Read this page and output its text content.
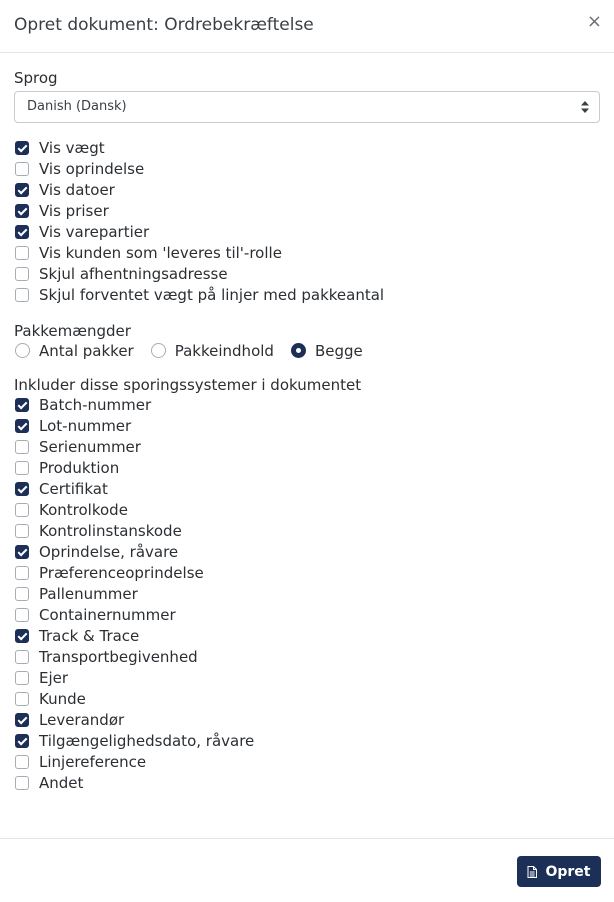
Opret dokument: Ordrebekræftelse	×
Sprog
Danish (Dansk)
Vis vægt
Vis oprindelse
Vis datoer
Vis priser
Vis varepartier
Vis kunden som 'leveres til'-rolle
Skjul afhentningsadresse
Skjul forventet vægt på linjer med pakkeantal
Pakkemængder
Antal pakker	Pakkeindhold	Begge
Inkluder disse sporingssystemer i dokumentet
Batch-nummer
Lot-nummer
Serienummer
Produktion
Certifikat
Kontrolkode
Kontrolinstanskode
Oprindelse, råvare
Præferenceoprindelse
Pallenummer
Containernummer
Track & Trace
Transportbegivenhed
Ejer
Kunde
Leverandør
Tilgængelighedsdato, råvare
Linjereference
Andet
Opret
